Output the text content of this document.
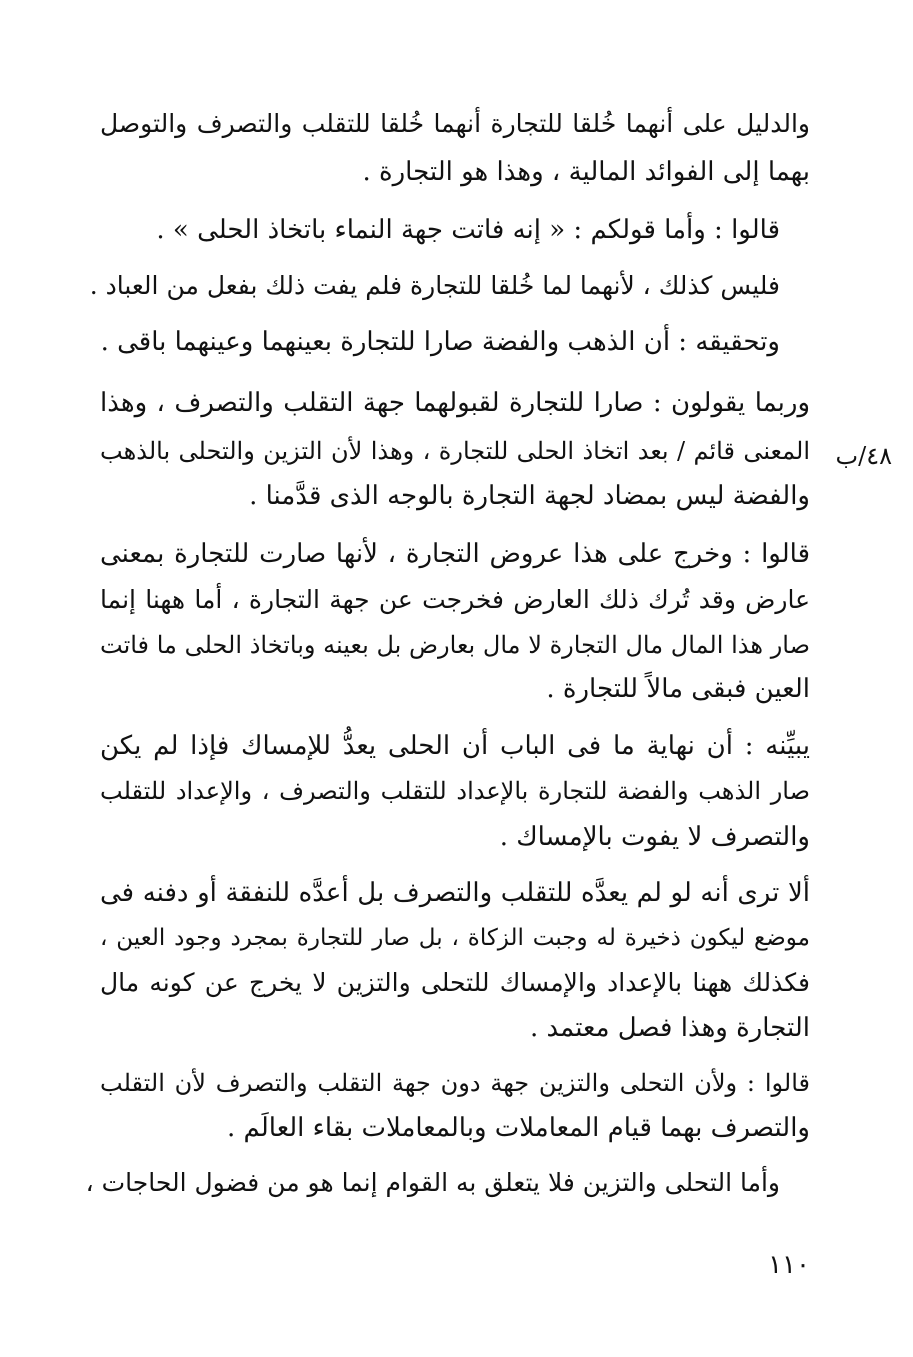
والدليل على أنهما خُلقا للتجارة أنهما خُلقا للتقلب والتصرف والتوصل
بهما إلى الفوائد المالية ، وهذا هو التجارة .
قالوا : وأما قولكم : « إنه فاتت جهة النماء باتخاذ الحلى » .
فليس كذلك ، لأنهما لما خُلقا للتجارة فلم يفت ذلك بفعل من العباد .
وتحقيقه : أن الذهب والفضة صارا للتجارة بعينهما وعينهما باقى .
وربما يقولون : صارا للتجارة لقبولهما جهة التقلب والتصرف ، وهذا
المعنى قائم / بعد اتخاذ الحلى للتجارة ، وهذا لأن التزين والتحلى بالذهب
والفضة ليس بمضاد لجهة التجارة بالوجه الذى قدَّمنا .
قالوا : وخرج على هذا عروض التجارة ، لأنها صارت للتجارة بمعنى
عارض وقد تُرك ذلك العارض فخرجت عن جهة التجارة ، أما ههنا إنما
صار هذا المال مال التجارة لا مال بعارض بل بعينه وباتخاذ الحلى ما فاتت
العين فبقى مالاً للتجارة .
يبيِّنه : أن نهاية ما فى الباب أن الحلى يعدُّ للإمساك فإذا لم يكن
صار الذهب والفضة للتجارة بالإعداد للتقلب والتصرف ، والإعداد للتقلب
والتصرف لا يفوت بالإمساك .
ألا ترى أنه لو لم يعدَّه للتقلب والتصرف بل أعدَّه للنفقة أو دفنه فى
موضع ليكون ذخيرة له وجبت الزكاة ، بل صار للتجارة بمجرد وجود العين ،
فكذلك ههنا بالإعداد والإمساك للتحلى والتزين لا يخرج عن كونه مال
التجارة وهذا فصل معتمد .
قالوا : ولأن التحلى والتزين جهة دون جهة التقلب والتصرف لأن التقلب
والتصرف بهما قيام المعاملات وبالمعاملات بقاء العالَم .
وأما التحلى والتزين فلا يتعلق به القوام إنما هو من فضول الحاجات ،
٤٨/ب
١١٠
